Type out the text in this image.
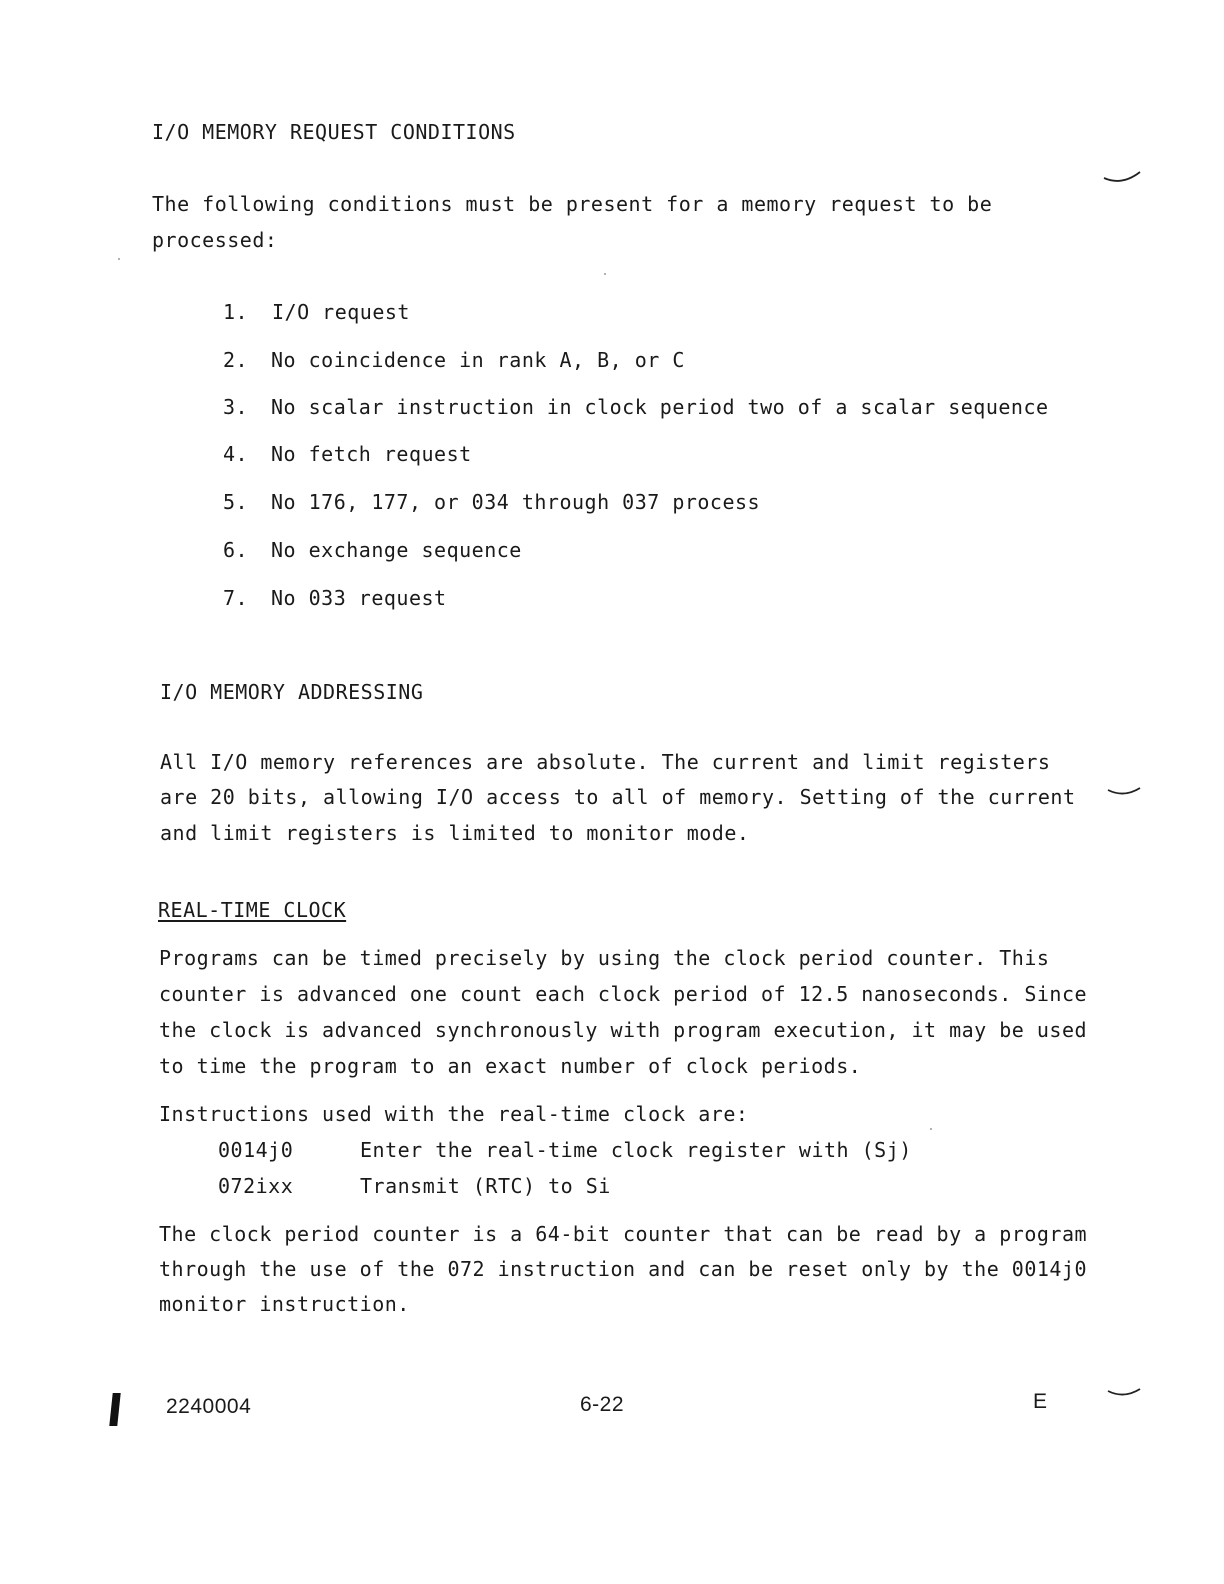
I/O MEMORY REQUEST CONDITIONS
The following conditions must be present for a memory request to be
processed:
1.	I/O request
2.	No coincidence in rank A, B, or C
3.	No scalar instruction in clock period two of a scalar sequence
4.	No fetch request
5.	No 176, 177, or 034 through 037 process
6.	No exchange sequence
7.	No 033 request
I/O MEMORY ADDRESSING
All I/O memory references are absolute. The current and limit registers
are 20 bits, allowing I/O access to all of memory. Setting of the current
and limit registers is limited to monitor mode.
REAL-TIME CLOCK
Programs can be timed precisely by using the clock period counter. This
counter is advanced one count each clock period of 12.5 nanoseconds. Since
the clock is advanced synchronously with program execution, it may be used
to time the program to an exact number of clock periods.
Instructions used with the real-time clock are:
0014j0	Enter the real-time clock register with (Sj)
072ixx	Transmit (RTC) to Si
The clock period counter is a 64-bit counter that can be read by a program
through the use of the 072 instruction and can be reset only by the 0014j0
monitor instruction.
2240004	6-22	E
